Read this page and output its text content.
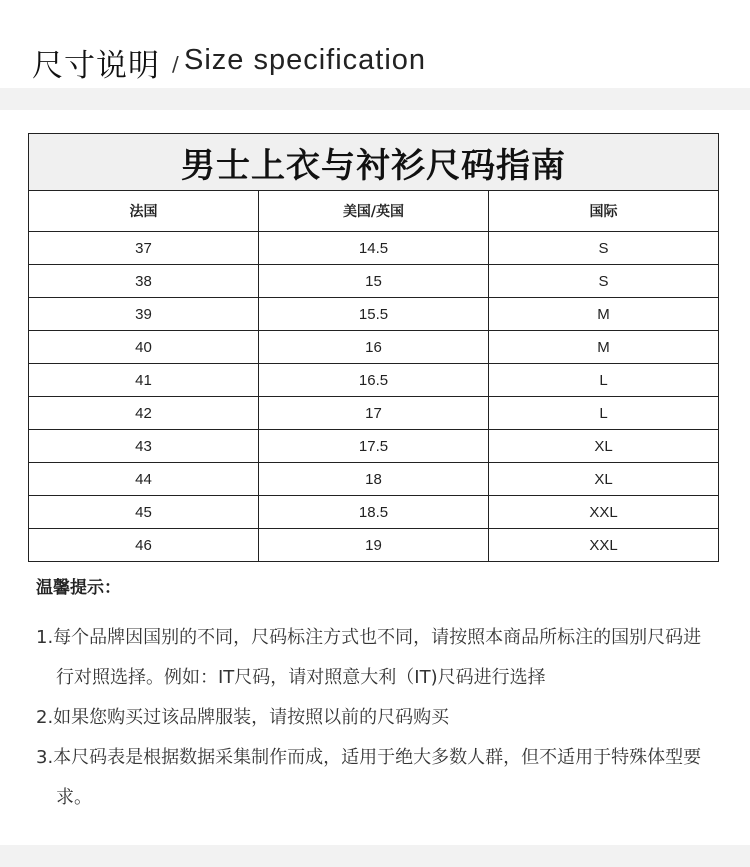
尺寸说明 / Size specification
男士上衣与衬衫尺码指南		
法国	美国/英国	国际
37	14.5	S
38	15	S
39	15.5	M
40	16	M
41	16.5	L
42	17	L
43	17.5	XL
44	18	XL
45	18.5	XXL
46	19	XXL
温馨提示：
1.每个品牌因国别的不同，尺码标注方式也不同，请按照本商品所标注的国别尺码进行对照选择。例如：IT尺码，请对照意大利（IT)尺码进行选择
2.如果您购买过该品牌服装，请按照以前的尺码购买
3.本尺码表是根据数据采集制作而成，适用于绝大多数人群，但不适用于特殊体型要求。
